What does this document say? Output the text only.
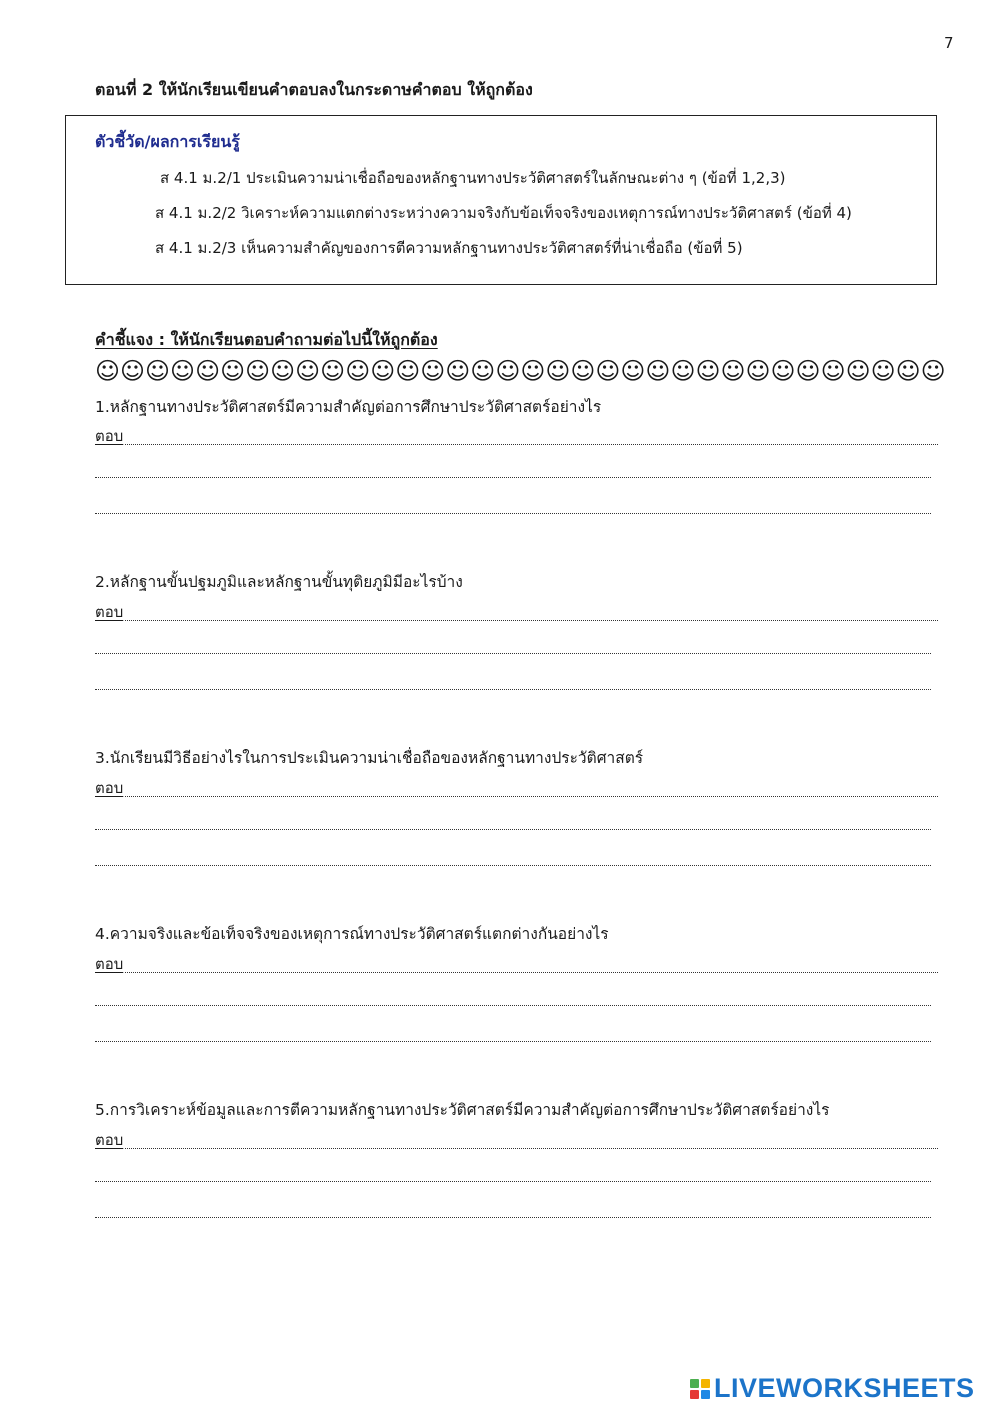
7
ตอนที่ 2 ให้นักเรียนเขียนคำตอบลงในกระดาษคำตอบ ให้ถูกต้อง
ตัวชี้วัด/ผลการเรียนรู้
ส 4.1 ม.2/1 ประเมินความน่าเชื่อถือของหลักฐานทางประวัติศาสตร์ในลักษณะต่าง ๆ (ข้อที่ 1,2,3)
ส 4.1 ม.2/2 วิเคราะห์ความแตกต่างระหว่างความจริงกับข้อเท็จจริงของเหตุการณ์ทางประวัติศาสตร์ (ข้อที่ 4)
ส 4.1 ม.2/3 เห็นความสำคัญของการตีความหลักฐานทางประวัติศาสตร์ที่น่าเชื่อถือ (ข้อที่ 5)
คำชี้แจง : ให้นักเรียนตอบคำถามต่อไปนี้ให้ถูกต้อง
☺☺☺☺☺☺☺☺☺☺☺☺☺☺☺☺☺☺☺☺☺☺☺☺☺☺☺☺☺☺☺☺☺☺
1.หลักฐานทางประวัติศาสตร์มีความสำคัญต่อการศึกษาประวัติศาสตร์อย่างไร
ตอบ
2.หลักฐานขั้นปฐมภูมิและหลักฐานขั้นทุติยภูมิมีอะไรบ้าง
ตอบ
3.นักเรียนมีวิธีอย่างไรในการประเมินความน่าเชื่อถือของหลักฐานทางประวัติศาสตร์
ตอบ
4.ความจริงและข้อเท็จจริงของเหตุการณ์ทางประวัติศาสตร์แตกต่างกันอย่างไร
ตอบ
5.การวิเคราะห์ข้อมูลและการตีความหลักฐานทางประวัติศาสตร์มีความสำคัญต่อการศึกษาประวัติศาสตร์อย่างไร
ตอบ
LIVEWORKSHEETS
